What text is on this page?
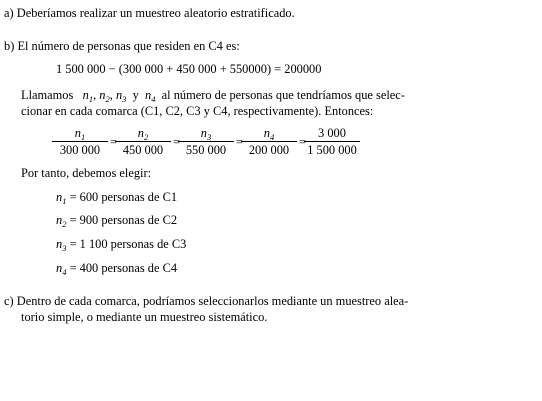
a) Deberíamos realizar un muestreo aleatorio estratificado.
b) El número de personas que residen en C4 es:
1 500 000 − (300 000 + 450 000 + 550000) = 200000
Llamamos $n_1$, $n_2$, $n_3$ y $n_4$ al número de personas que tendríamos que selec-
cionar en cada comarca (C1, C2, C3 y C4, respectivamente). Entonces:
$\frac{n_1}{300 000}$ =
$\frac{n_2}{450 000}$ =
$\frac{n_3}{550 000}$ =
$\frac{n_4}{200 000}$ =
$\frac{3 000}{1 500 000}$
Por tanto, debemos elegir:
$n_1 = 600$ personas de C1
$n_2 = 900$ personas de C2
$n_3 = 1$ 100 personas de C3
$n_4 = 400$ personas de C4
c) Dentro de cada comarca, podríamos seleccionarlos mediante un muestreo alea-
torio simple, o mediante un muestreo sistemático.
